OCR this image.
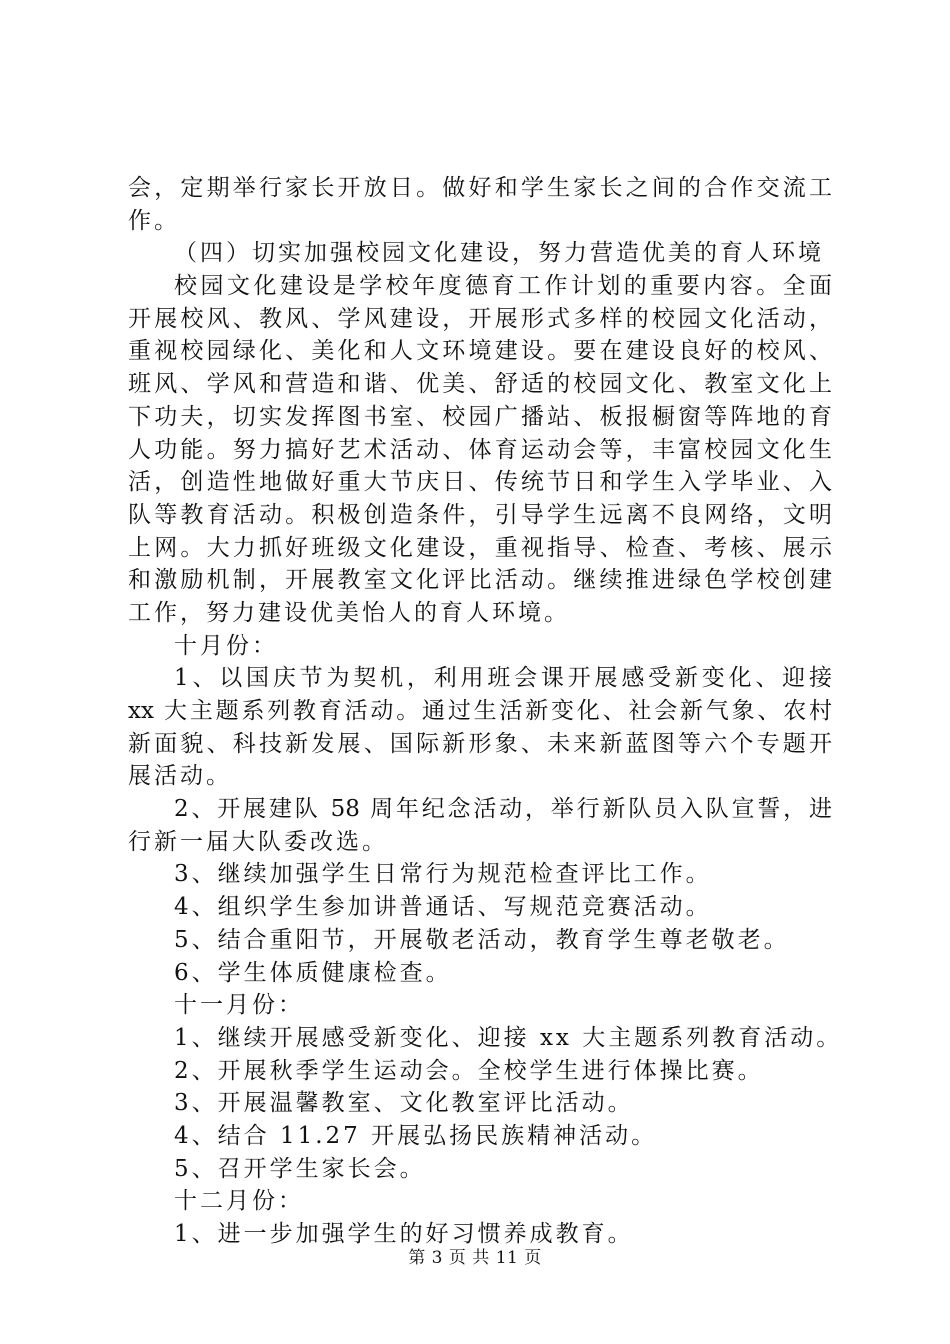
会，定期举行家长开放日。做好和学生家长之间的合作交流工
作。
（四）切实加强校园文化建设，努力营造优美的育人环境
校园文化建设是学校年度德育工作计划的重要内容。全面
开展校风、教风、学风建设，开展形式多样的校园文化活动，
重视校园绿化、美化和人文环境建设。要在建设良好的校风、
班风、学风和营造和谐、优美、舒适的校园文化、教室文化上
下功夫，切实发挥图书室、校园广播站、板报橱窗等阵地的育
人功能。努力搞好艺术活动、体育运动会等，丰富校园文化生
活，创造性地做好重大节庆日、传统节日和学生入学毕业、入
队等教育活动。积极创造条件，引导学生远离不良网络，文明
上网。大力抓好班级文化建设，重视指导、检查、考核、展示
和激励机制，开展教室文化评比活动。继续推进绿色学校创建
工作，努力建设优美怡人的育人环境。
十月份：
1、以国庆节为契机，利用班会课开展感受新变化、迎接
xx 大主题系列教育活动。通过生活新变化、社会新气象、农村
新面貌、科技新发展、国际新形象、未来新蓝图等六个专题开
展活动。
2、开展建队 58 周年纪念活动，举行新队员入队宣誓，进
行新一届大队委改选。
3、继续加强学生日常行为规范检查评比工作。
4、组织学生参加讲普通话、写规范竞赛活动。
5、结合重阳节，开展敬老活动，教育学生尊老敬老。
6、学生体质健康检查。
十一月份：
1、继续开展感受新变化、迎接 xx 大主题系列教育活动。
2、开展秋季学生运动会。全校学生进行体操比赛。
3、开展温馨教室、文化教室评比活动。
4、结合 11.27 开展弘扬民族精神活动。
5、召开学生家长会。
十二月份：
1、进一步加强学生的好习惯养成教育。
第 3 页 共 11 页
